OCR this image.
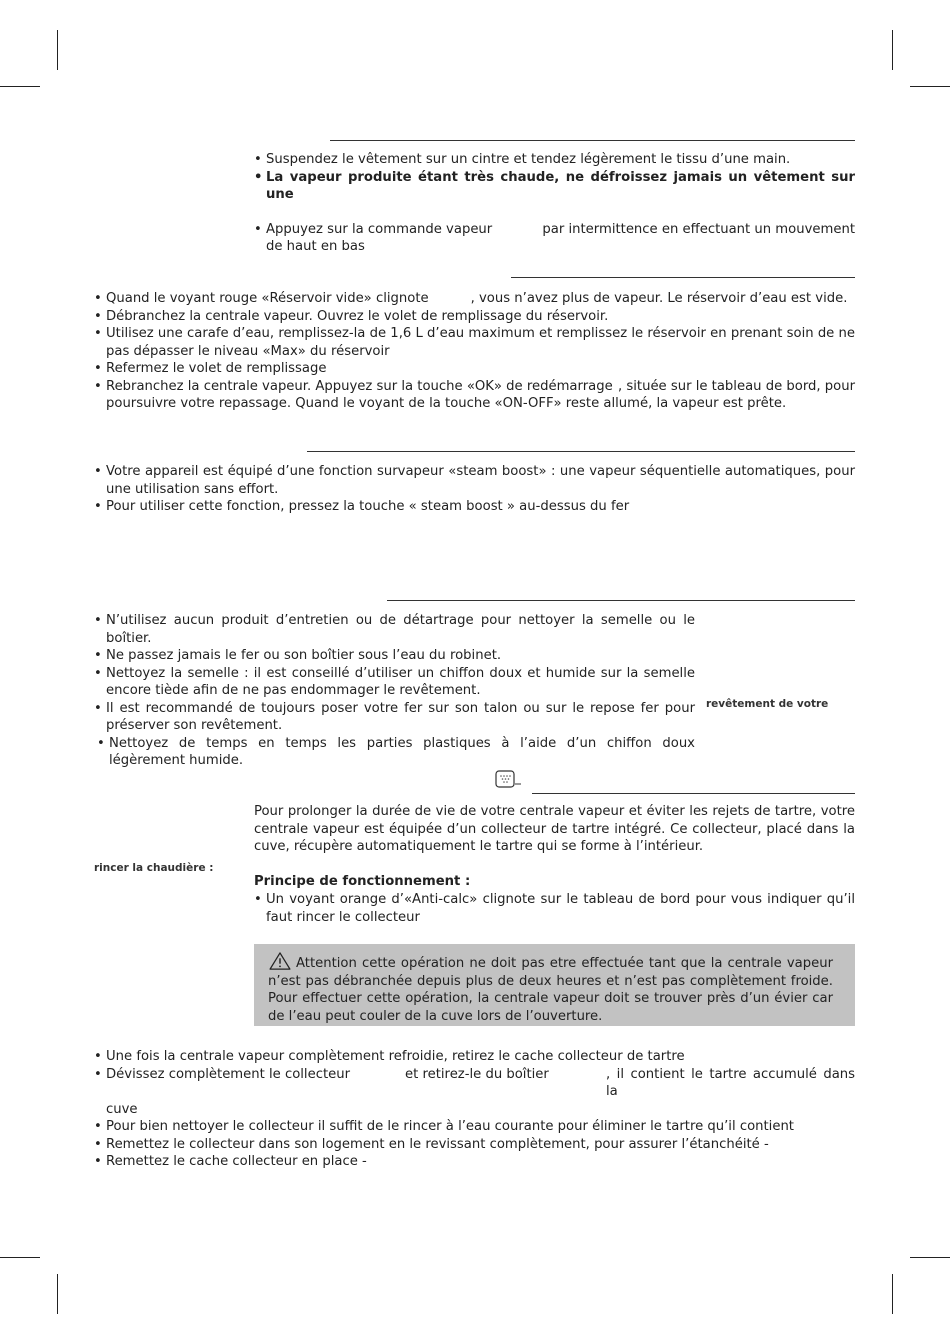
• Suspendez le vêtement sur un cintre et tendez légèrement le tissu d’une main.
• La vapeur produite étant très chaude, ne défroissez jamais un vêtement sur une
• Appuyez sur la commande vapeur	par intermittence en effectuant un mouvement
de haut en bas
• Quand le voyant rouge «Réservoir vide» clignote	, vous n’avez plus de vapeur. Le réservoir d’eau est vide.
• Débranchez la centrale vapeur. Ouvrez le volet de remplissage du réservoir.
• Utilisez une carafe d’eau, remplissez-la de 1,6 L d’eau maximum et remplissez le réservoir en prenant soin de ne pas dépasser le niveau «Max» du réservoir
• Refermez le volet de remplissage
• Rebranchez la centrale vapeur. Appuyez sur la touche «OK» de redémarrage , située sur le tableau de bord, pour
poursuivre votre repassage. Quand le voyant de la touche «ON-OFF» reste allumé, la vapeur est prête.
• Votre appareil est équipé d’une fonction survapeur «steam boost» : une vapeur séquentielle automatiques, pour une utilisation sans effort.
• Pour utiliser cette fonction, pressez la touche « steam boost » au-dessus du fer
• N’utilisez aucun produit d’entretien ou de détartrage pour nettoyer la semelle ou le boîtier.
• Ne passez jamais le fer ou son boîtier sous l’eau du robinet.
• Nettoyez la semelle : il est conseillé d’utiliser un chiffon doux et humide sur la semelle encore tiède afin de ne pas endommager le revêtement.
• Il est recommandé de toujours poser votre fer sur son talon ou sur le repose fer pour préserver son revêtement.
• Nettoyez de temps en temps les parties plastiques à l’aide d’un chiffon doux légèrement humide.
revêtement de votre
rincer la chaudière :
Pour prolonger la durée de vie de votre centrale vapeur et éviter les rejets de tartre, votre centrale vapeur est équipée d’un collecteur de tartre intégré. Ce collecteur, placé dans la cuve, récupère automatiquement le tartre qui se forme à l’intérieur.
Principe de fonctionnement :
• Un voyant orange d’«Anti-calc» clignote sur le tableau de bord pour vous indiquer qu’il faut rincer le collecteur
Attention cette opération ne doit pas etre effectuée tant que la centrale vapeur n’est pas débranchée depuis plus de deux heures et n’est pas complètement froide. Pour effectuer cette opération, la centrale vapeur doit se trouver près d’un évier car de l’eau peut couler de la cuve lors de l’ouverture.
• Une fois la centrale vapeur complètement refroidie, retirez le cache collecteur de tartre
• Dévissez complètement le collecteur	et retirez-le du boîtier	, il contient le tartre accumulé dans la
cuve
• Pour bien nettoyer le collecteur il suffit de le rincer à l’eau courante pour éliminer le tartre qu’il contient
• Remettez le collecteur dans son logement en le revissant complètement, pour assurer l’étanchéité -
• Remettez le cache collecteur en place -
